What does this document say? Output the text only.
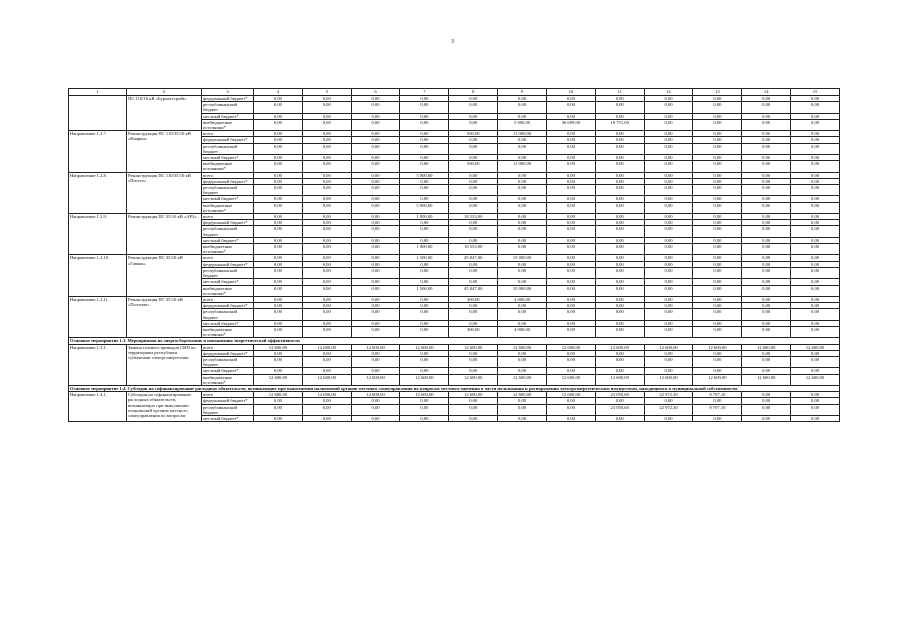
3
1	2	3	4	5	6	7	8	9	10	11	12	13	14	15
	ПС 110/10 кВ «Буровестройі»	федеральный бюджет*	0,00	0,00	0,00	0,00	0,00	0,00	0,00	0,00	0,00	0,00	0,00	0,00
		республиканский бюджет	0,00	0,00	0,00	0,00	0,00	0,00	0,00	0,00	0,00	0,00	0,00	0,00
		местный бюджет*	0,00	0,00	0,00	0,00	0,00	0,00	0,00	0,00	0,00	0,00	0,00	0,00
		внебюджетные источники*	0,00	0,00	0,00	0,00	0,00	5 000,00	36 699,00	18 751,00	0,00	0,00	0,00	0,00
Направление 1.2.7.	Реконструкция ПС 110/35/10 кВ «Кнарки»	всего	0,00	0,00	0,00	0,00	500,00	11 000,00	0,00	0,00	0,00	0,00	0,00	0,00
		федеральный бюджет*	0,00	0,00	0,00	0,00	0,00	0,00	0,00	0,00	0,00	0,00	0,00	0,00
		республиканский бюджет	0,00	0,00	0,00	0,00	0,00	0,00	0,00	0,00	0,00	0,00	0,00	0,00
		местный бюджет*	0,00	0,00	0,00	0,00	0,00	0,00	0,00	0,00	0,00	0,00	0,00	0,00
		внебюджетные источники*	0,00	0,00	0,00	0,00	500,00	11 000,00	0,00	0,00	0,00	0,00	0,00	0,00
Направление 1.2.8.	Реконструкция ПС 110/35/10 кВ «Пасега»	всего	0,00	0,00	0,00	5 000,00	0,00	0,00	0,00	0,00	0,00	0,00	0,00	0,00
		федеральный бюджет*	0,00	0,00	0,00	0,00	0,00	0,00	0,00	0,00	0,00	0,00	0,00	0,00
		республиканский бюджет	0,00	0,00	0,00	0,00	0,00	0,00	0,00	0,00	0,00	0,00	0,00	0,00
		местный бюджет*	0,00	0,00	0,00	0,00	0,00	0,00	0,00	0,00	0,00	0,00	0,00	0,00
		внебюджетные источники*	0,00	0,00	0,00	5 000,00	0,00	0,00	0,00	0,00	0,00	0,00	0,00	0,00
Направление 1.2.9.	Реконструкция ПС 35/10 кВ «АРЗ»	всего	0,00	0,00	0,00	1 000,00	18 553,00	0,00	0,00	0,00	0,00	0,00	0,00	0,00
		федеральный бюджет*	0,00	0,00	0,00	0,00	0,00	0,00	0,00	0,00	0,00	0,00	0,00	0,00
		республиканский бюджет	0,00	0,00	0,00	0,00	0,00	0,00	0,00	0,00	0,00	0,00	0,00	0,00
		местный бюджет*	0,00	0,00	0,00	0,00	0,00	0,00	0,00	0,00	0,00	0,00	0,00	0,00
		внебюджетные источники*	0,00	0,00	0,00	1 000,00	18 553,00	0,00	0,00	0,00	0,00	0,00	0,00	0,00
Направление 1.2.10.	Реконструкция ПС 35/10 кВ «Гавань»	всего	0,00	0,00	0,00	1 500,00	45 047,00	15 000,00	0,00	0,00	0,00	0,00	0,00	0,00
		федеральный бюджет*	0,00	0,00	0,00	0,00	0,00	0,00	0,00	0,00	0,00	0,00	0,00	0,00
		республиканский бюджет	0,00	0,00	0,00	0,00	0,00	0,00	0,00	0,00	0,00	0,00	0,00	0,00
		местный бюджет*	0,00	0,00	0,00	0,00	0,00	0,00	0,00	0,00	0,00	0,00	0,00	0,00
		внебюджетные источники*	0,00	0,00	0,00	1 500,00	45 047,00	15 000,00	0,00	0,00	0,00	0,00	0,00	0,00
Направление 1.2.11.	Реконструкция ПС 35/10 кВ «Полтома»	всего	0,00	0,00	0,00	0,00	300,00	4 000,00	0,00	0,00	0,00	0,00	0,00	0,00
		федеральный бюджет*	0,00	0,00	0,00	0,00	0,00	0,00	0,00	0,00	0,00	0,00	0,00	0,00
		республиканский бюджет	0,00	0,00	0,00	0,00	0,00	0,00	0,00	0,00	0,00	0,00	0,00	0,00
		местный бюджет*	0,00	0,00	0,00	0,00	0,00	0,00	0,00	0,00	0,00	0,00	0,00	0,00
		внебюджетные источники*	0,00	0,00	0,00	0,00	300,00	4 000,00	0,00	0,00	0,00	0,00	0,00	0,00
Основное мероприятие 1.3. Мероприятия по энергосбережению и повышению энергетической эффективности														
Направление 1.3.1.	Замена газового приводов СИП по территориям республики субъектами электроэнергетики	всего	12 600,00	12 600,00	12 600,00	12 600,00	12 600,00	12 600,00	12 600,00	12 600,00	12 600,00	12 600,00	12 600,00	12 600,00
		федеральный бюджет*	0,00	0,00	0,00	0,00	0,00	0,00	0,00	0,00	0,00	0,00	0,00	0,00
		республиканский бюджет	0,00	0,00	0,00	0,00	0,00	0,00	0,00	0,00	0,00	0,00	0,00	0,00
		местный бюджет*	0,00	0,00	0,00	0,00	0,00	0,00	0,00	0,00	0,00	0,00	0,00	0,00
		внебюджетные источники*	12 600,00	12 600,00	12 600,00	12 600,00	12 600,00	12 600,00	12 600,00	12 600,00	12 600,00	12 600,00	12 600,00	12 600,00
Основное мероприятие 1.4. Субсидии на софинансирование расходных обязательств, возникающих при выполнении полномочий органов местного самоуправления по вопросам местного значения в части пользования и распоряжения электроэнергетическим имуществом, находящимся в муниципальной собственности.														
Направление 1.4.1.	Субсидии на софинансирование расходных обязательств, возникающих при выполнении полномочий органов местного самоуправления по вопросам	всего	12 600,00	12 600,00	12 600,00	12 600,00	12 600,00	12 600,00	12 600,00	23 050,60	22 972,30	8 707,10	0,00	0,00
		федеральный бюджет*	0,00	0,00	0,00	0,00	0,00	0,00	0,00	0,00	0,00	0,00	0,00	0,00
		республиканский бюджет	0,00	0,00	0,00	0,00	0,00	0,00	0,00	23 050,60	22 972,30	8 707,10	0,00	0,00
		местный бюджет*	0,00	0,00	0,00	0,00	0,00	0,00	0,00	0,00	0,00	0,00	0,00	0,00
